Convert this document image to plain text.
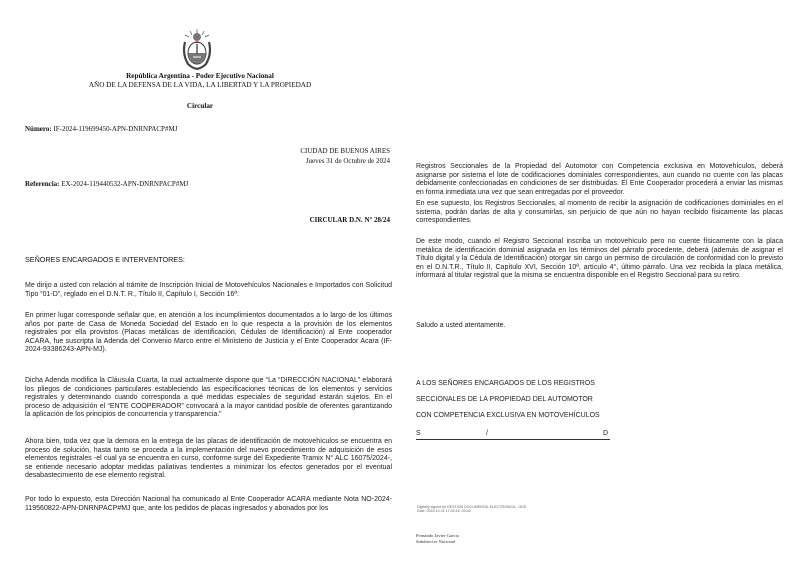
República Argentina - Poder Ejecutivo Nacional
AÑO DE LA DEFENSA DE LA VIDA, LA LIBERTAD Y LA PROPIEDAD
Circular
Número: IF-2024-119699450-APN-DNRNPACP#MJ
CIUDAD DE BUENOS AIRES
Jueves 31 de Octubre de 2024
Referencia: EX-2024-119440532-APN-DNRNPACP#MJ
CIRCULAR D.N. N° 28/24
SEÑORES ENCARGADOS E INTERVENTORES:
Me dirijo a usted con relación al trámite de Inscripción Inicial de Motovehículos Nacionales e Importados con Solicitud Tipo “01-D”, reglado en el D.N.T. R., Título II, Capítulo I, Sección 16ª.
En primer lugar corresponde señalar que, en atención a los incumplimientos documentados a lo largo de los últimos años por parte de Casa de Moneda Sociedad del Estado en lo que respecta a la provisión de los elementos registrales por ella provistos (Placas metálicas de identificación, Cédulas de Identificación) al Ente cooperador ACARA, fue suscripta la Adenda del Convenio Marco entre el Ministerio de Justicia y el Ente Cooperador Acara (IF-2024-93386243-APN-MJ).
Dicha Adenda modifica la Cláusula Cuarta, la cual actualmente dispone que “La “DIRECCIÓN NACIONAL” elaborará los pliegos de condiciones particulares estableciendo las especificaciones técnicas de los elementos y servicios registrales y determinando cuando corresponda a qué medidas especiales de seguridad estarán sujetos. En el proceso de adquisición el “ENTE COOPERADOR” convocará a la mayor cantidad posible de oferentes garantizando la aplicación de los principios de concurrencia y transparencia.”
Ahora bien, toda vez que la demora en la entrega de las placas de identificación de motovehículos se encuentra en proceso de solución, hasta tanto se proceda a la implementación del nuevo procedimiento de adquisición de esos elementos registrales -el cual ya se encuentra en curso, conforme surge del Expediente Tramix N° ALC 16075/2024-, se entiende necesario adoptar medidas paliativas tendientes a minimizar los efectos generados por el eventual desabastecimiento de ese elemento registral.
Por todo lo expuesto, esta Dirección Nacional ha comunicado al Ente Cooperador ACARA mediante Nota NO-2024-119560822-APN-DNRNPACP#MJ que, ante los pedidos de placas ingresados y abonados por los
Registros Seccionales de la Propiedad del Automotor con Competencia exclusiva en Motovehículos, deberá asignarse por sistema el lote de codificaciones dominiales correspondientes, aun cuando no cuente con las placas debidamente confeccionadas en condiciones de ser distribuidas. El Ente Cooperador procederá a enviar las mismas en forma inmediata una vez que sean entregadas por el proveedor.
En ese supuesto, los Registros Seccionales, al momento de recibir la asignación de codificaciones dominiales en el sistema, podrán darlas de alta y consumirlas, sin perjuicio de que aún no hayan recibido físicamente las placas correspondientes.
De este modo, cuando el Registro Seccional inscriba un motovehículo pero no cuente físicamente con la placa metálica de identificación dominial asignada en los términos del párrafo procedente, deberá (además de asignar el Título digital y la Cédula de Identificación) otorgar sin cargo un permiso de circulación de conformidad con lo previsto en el D.N.T.R., Título II, Capítulo XVI, Sección 10ª, artículo 4°, último párrafo. Una vez recibida la placa metálica, informará al titular registral que la misma se encuentra disponible en el Registro Seccional para su retiro.
Saludo a usted atentamente.
A LOS SEÑORES ENCARGADOS DE LOS REGISTROS
SECCIONALES DE LA PROPIEDAD DEL AUTOMOTOR
CON COMPETENCIA EXCLUSIVA EN MOTOVEHÍCULOS
S	/	D
Digitally signed by GESTION DOCUMENTAL ELECTRONICA - GDE
Date: 2024.10.31 17:33:16 -03:00
Fernando Javier Garcia
Subdirector Nacional
